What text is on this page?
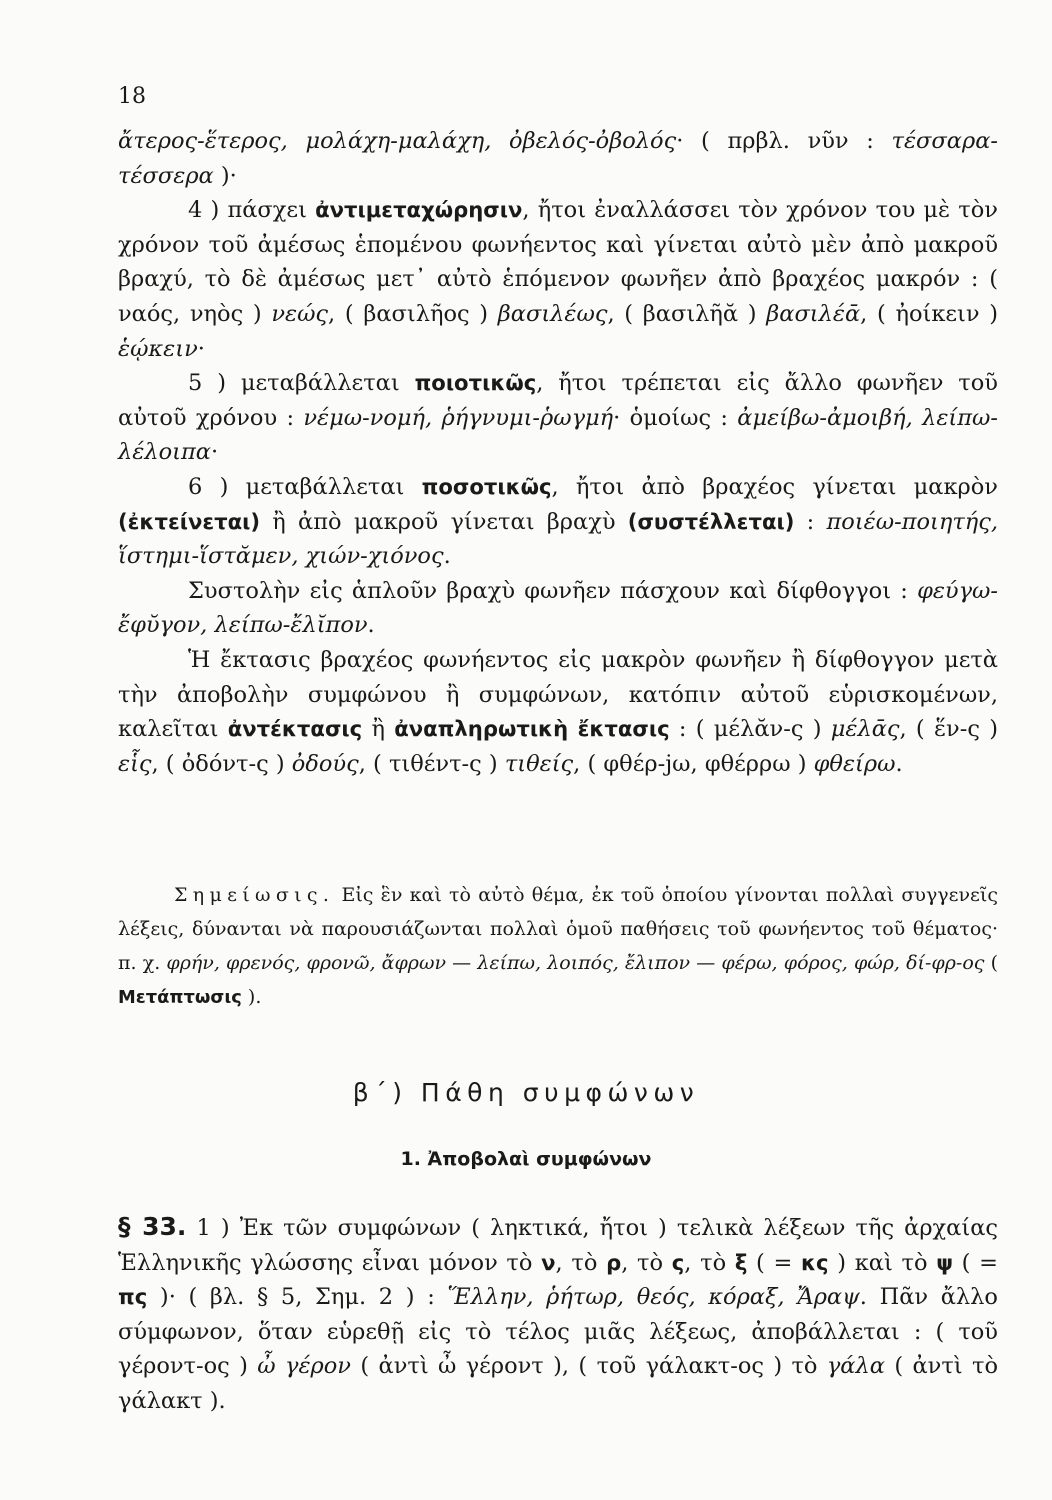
18

ἄτερος-ἕτερος, μολάχη-μαλάχη, ὀβελός-ὀβολός· ( πρβλ. νῦν : τέσσαρα-τέσσερα )·

4 ) πάσχει ἀντιμεταχώρησιν, ἤτοι ἐναλλάσσει τὸν χρόνον του μὲ τὸν χρόνον τοῦ ἀμέσως ἑπομένου φωνήεντος καὶ γίνεται αὐτὸ μὲν ἀπὸ μακροῦ βραχύ, τὸ δὲ ἀμέσως μετ᾽ αὐτὸ ἑπόμενον φωνῆεν ἀπὸ βραχέος μακρόν : ( ναός, νηὸς ) νεώς, ( βασιλῆος ) βασιλέως, ( βασιλῆᾰ ) βασιλέᾱ, ( ἠοίκειν ) ἑῴκειν·

5 ) μεταβάλλεται ποιοτικῶς, ἤτοι τρέπεται εἰς ἄλλο φωνῆεν τοῦ αὐτοῦ χρόνου : νέμω-νομή, ῥήγνυμι-ῥωγμή· ὁμοίως : ἀμείβω-ἀμοιβή, λείπω-λέλοιπα·

6 ) μεταβάλλεται ποσοτικῶς, ἤτοι ἀπὸ βραχέος γίνεται μακρὸν (ἐκτείνεται) ἢ ἀπὸ μακροῦ γίνεται βραχὺ (συστέλλεται) : ποιέω-ποιητής, ἵστημι-ἵστᾰμεν, χιών-χιόνος.

Συστολὴν εἰς ἁπλοῦν βραχὺ φωνῆεν πάσχουν καὶ δίφθογγοι : φεύγω-ἔφῠγον, λείπω-ἔλῐπον.

Ἡ ἔκτασις βραχέος φωνήεντος εἰς μακρὸν φωνῆεν ἢ δίφθογγον μετὰ τὴν ἀποβολὴν συμφώνου ἢ συμφώνων, κατόπιν αὐτοῦ εὑρισκομένων, καλεῖται ἀντέκτασις ἢ ἀναπληρωτικὴ ἔκτασις : ( μέλᾰν-ς ) μέλᾱς, ( ἕν-ς ) εἷς, ( ὀδόντ-ς ) ὀδούς, ( τιθέντ-ς ) τιθείς, ( φθέρ-jω, φθέρρω ) φθείρω.

Σημείωσις. Εἰς ἓν καὶ τὸ αὐτὸ θέμα, ἐκ τοῦ ὁποίου γίνονται πολλαὶ συγγενεῖς λέξεις, δύνανται νὰ παρουσιάζωνται πολλαὶ ὁμοῦ παθήσεις τοῦ φωνήεντος τοῦ θέματος· π. χ. φρήν, φρενός, φρονῶ, ἄφρων — λείπω, λοιπός, ἔλιπον — φέρω, φόρος, φώρ, δί-φρ-ος ( Μετάπτωσις ).

β΄) Πάθη συμφώνων
1. Ἀποβολαὶ συμφώνων

§ 33. 1 ) Ἐκ τῶν συμφώνων ( ληκτικά, ἤτοι ) τελικὰ λέξεων τῆς ἀρχαίας Ἑλληνικῆς γλώσσης εἶναι μόνον τὸ ν, τὸ ρ, τὸ ς, τὸ ξ ( = κς ) καὶ τὸ ψ ( = πς )· ( βλ. § 5, Σημ. 2 ) : Ἕλλην, ῥήτωρ, θεός, κόραξ, Ἄραψ. Πᾶν ἄλλο σύμφωνον, ὅταν εὑρεθῇ εἰς τὸ τέλος μιᾶς λέξεως, ἀποβάλλεται : ( τοῦ γέροντ-ος ) ὦ γέρον ( ἀντὶ ὦ γέροντ ), ( τοῦ γάλακτ-ος ) τὸ γάλα ( ἀντὶ τὸ γάλακτ ).
